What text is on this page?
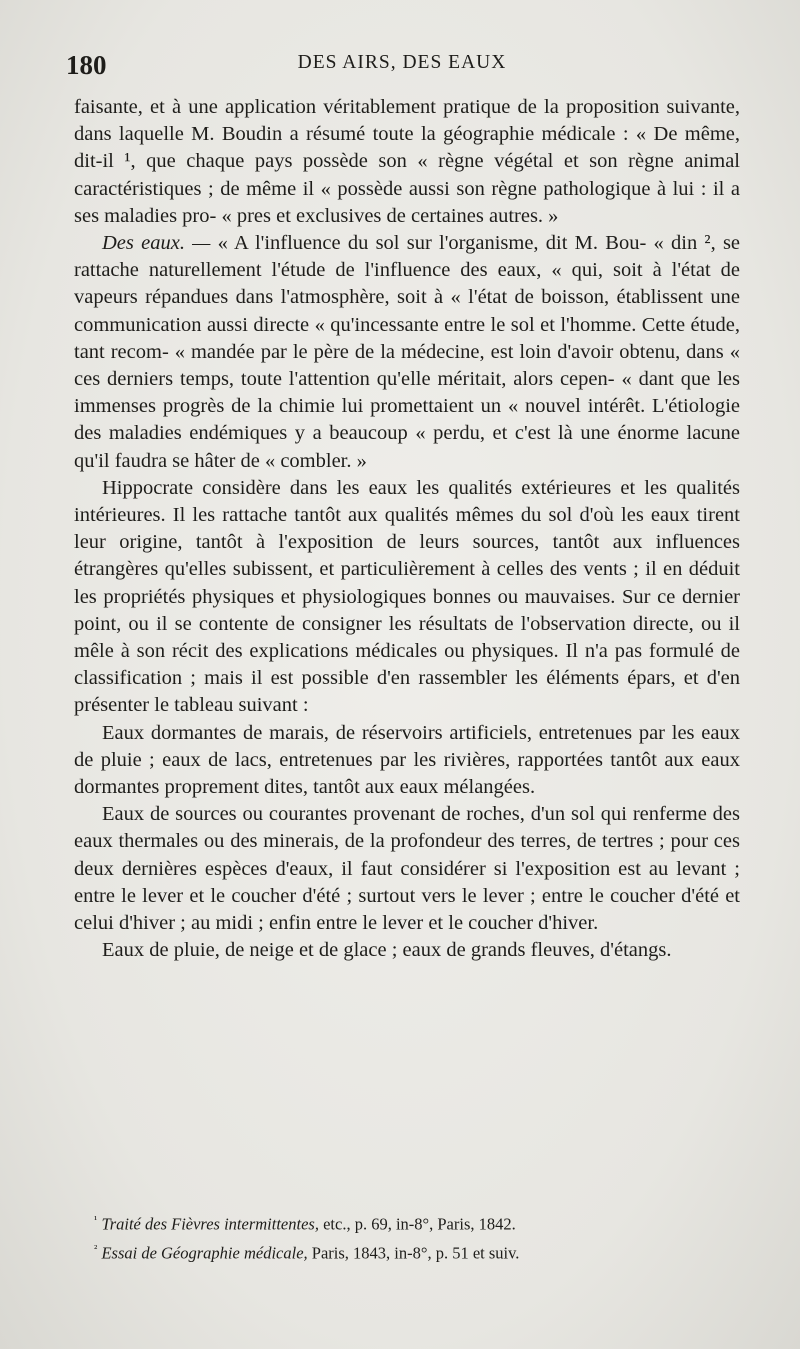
180	DES AIRS, DES EAUX

faisante, et à une application véritablement pratique de la proposition suivante, dans laquelle M. Boudin a résumé toute la géographie médicale : « De même, dit-il ¹, que chaque pays possède son « règne végétal et son règne animal caractéristiques ; de même il « possède aussi son règne pathologique à lui : il a ses maladies pro- « pres et exclusives de certaines autres. »

Des eaux. — « A l'influence du sol sur l'organisme, dit M. Bou- « din ², se rattache naturellement l'étude de l'influence des eaux, « qui, soit à l'état de vapeurs répandues dans l'atmosphère, soit à « l'état de boisson, établissent une communication aussi directe « qu'incessante entre le sol et l'homme. Cette étude, tant recom- « mandée par le père de la médecine, est loin d'avoir obtenu, dans « ces derniers temps, toute l'attention qu'elle méritait, alors cepen- « dant que les immenses progrès de la chimie lui promettaient un « nouvel intérêt. L'étiologie des maladies endémiques y a beaucoup « perdu, et c'est là une énorme lacune qu'il faudra se hâter de « combler. »

Hippocrate considère dans les eaux les qualités extérieures et les qualités intérieures. Il les rattache tantôt aux qualités mêmes du sol d'où les eaux tirent leur origine, tantôt à l'exposition de leurs sources, tantôt aux influences étrangères qu'elles subissent, et particulièrement à celles des vents ; il en déduit les propriétés physiques et physiologiques bonnes ou mauvaises. Sur ce dernier point, ou il se contente de consigner les résultats de l'observation directe, ou il mêle à son récit des explications médicales ou physiques. Il n'a pas formulé de classification ; mais il est possible d'en rassembler les éléments épars, et d'en présenter le tableau suivant :

Eaux dormantes de marais, de réservoirs artificiels, entretenues par les eaux de pluie ; eaux de lacs, entretenues par les rivières, rapportées tantôt aux eaux dormantes proprement dites, tantôt aux eaux mélangées.

Eaux de sources ou courantes provenant de roches, d'un sol qui renferme des eaux thermales ou des minerais, de la profondeur des terres, de tertres ; pour ces deux dernières espèces d'eaux, il faut considérer si l'exposition est au levant ; entre le lever et le coucher d'été ; surtout vers le lever ; entre le coucher d'été et celui d'hiver ; au midi ; enfin entre le lever et le coucher d'hiver.

Eaux de pluie, de neige et de glace ; eaux de grands fleuves, d'étangs.

$^{^1}$ Traité des Fièvres intermittentes, etc., p. 69, in-8°, Paris, 1842.
$^{^2}$ Essai de Géographie médicale, Paris, 1843, in-8°, p. 51 et suiv.
